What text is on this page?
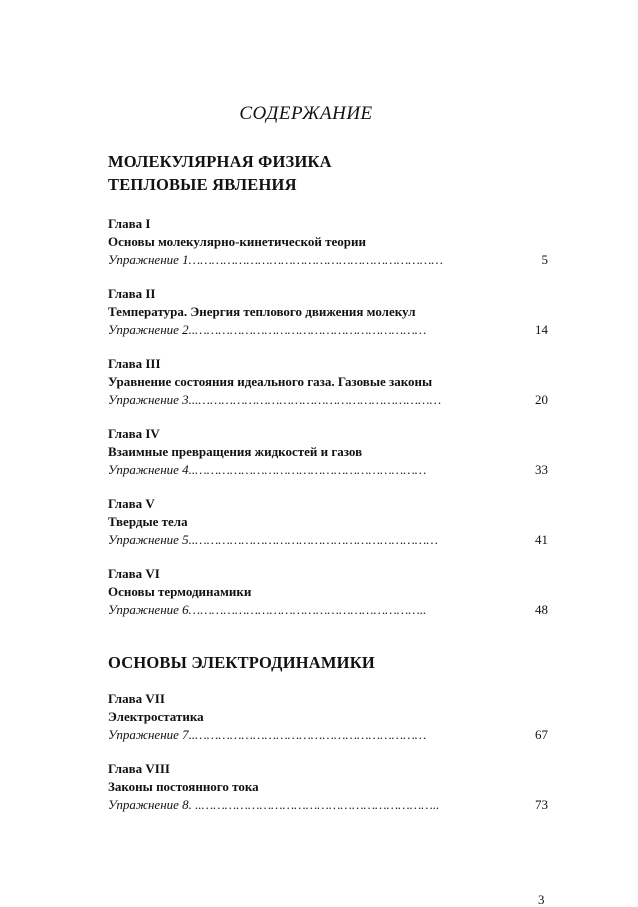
СОДЕРЖАНИЕ
МОЛЕКУЛЯРНАЯ ФИЗИКА
ТЕПЛОВЫЕ ЯВЛЕНИЯ
Глава I
Основы молекулярно-кинетической теории
Упражнение 1…………………………………………………………	5
Глава II
Температура. Энергия теплового движения молекул
Упражнение 2..……………………………………………………	14
Глава III
Уравнение состояния идеального газа. Газовые законы
Упражнение 3...………………………………………………………	20
Глава IV
Взаимные превращения жидкостей и газов
Упражнение 4..……………………………………………………	33
Глава V
Твердые тела
Упражнение 5..………………………………………………………	41
Глава VI
Основы термодинамики
Упражнение 6……………………………………………………..	48
ОСНОВЫ ЭЛЕКТРОДИНАМИКИ
Глава VII
Электростатика
Упражнение 7..……………………………………………………	67
Глава VIII
Законы постоянного тока
Упражнение 8. ..……………………………………………………..	73
3
